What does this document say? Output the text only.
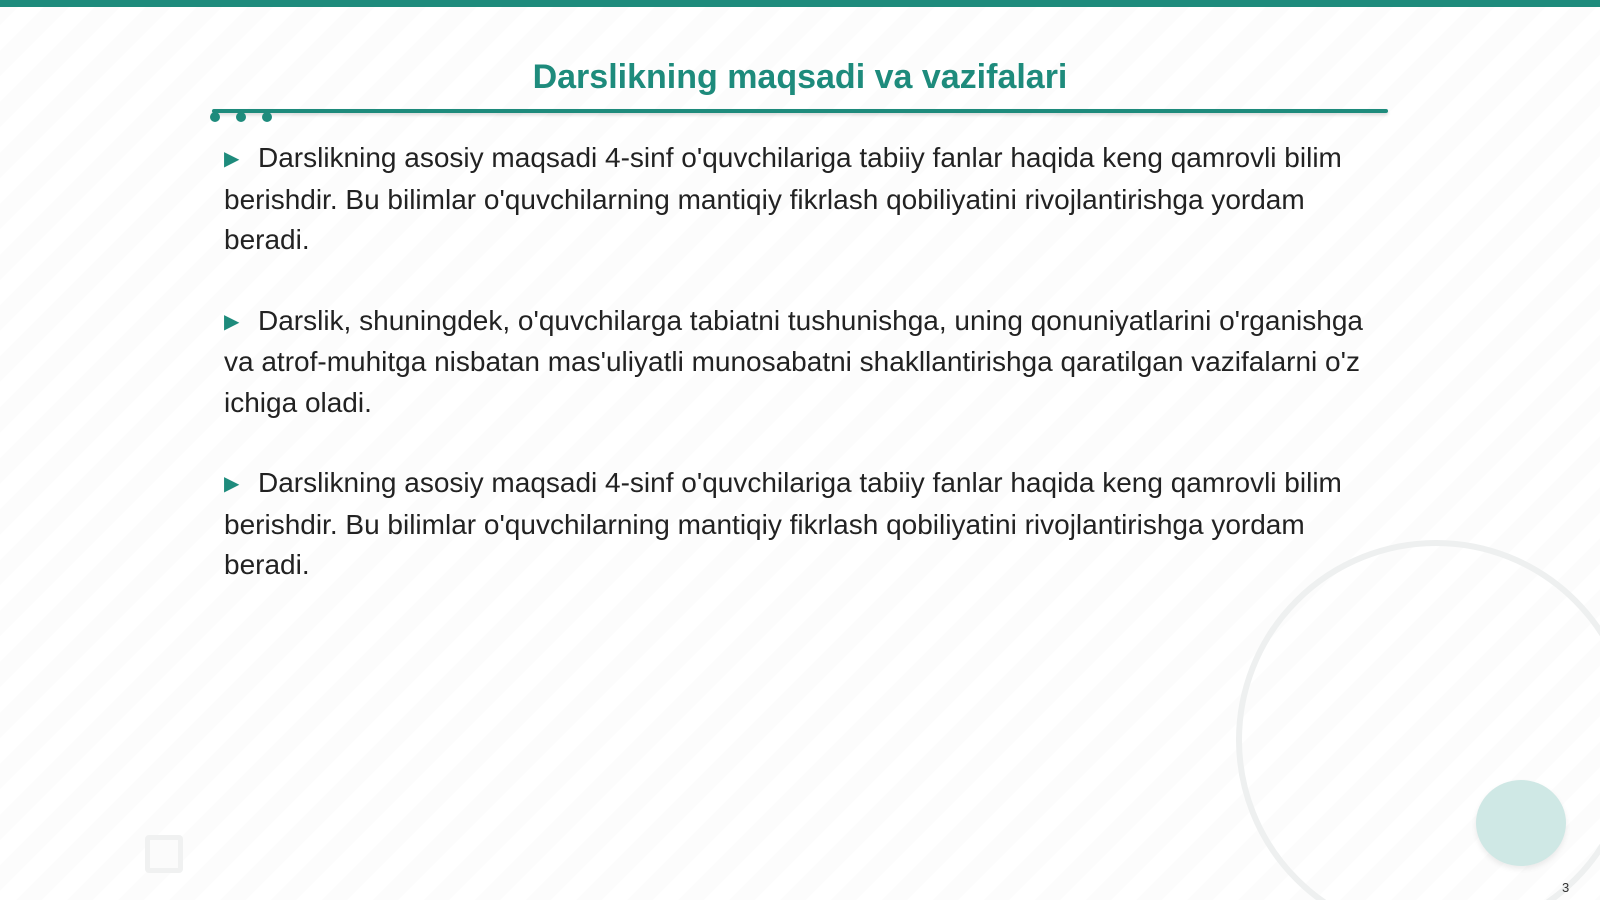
Darslikning maqsadi va vazifalari
▶ Darslikning asosiy maqsadi 4-sinf o'quvchilariga tabiiy fanlar haqida keng qamrovli bilim berishdir. Bu bilimlar o'quvchilarning mantiqiy fikrlash qobiliyatini rivojlantirishga yordam beradi.
▶ Darslik, shuningdek, o'quvchilarga tabiatni tushunishga, uning qonuniyatlarini o'rganishga va atrof-muhitga nisbatan mas'uliyatli munosabatni shakllantirishga qaratilgan vazifalarni o'z ichiga oladi.
▶ Darslikning asosiy maqsadi 4-sinf o'quvchilariga tabiiy fanlar haqida keng qamrovli bilim berishdir. Bu bilimlar o'quvchilarning mantiqiy fikrlash qobiliyatini rivojlantirishga yordam beradi.
3
